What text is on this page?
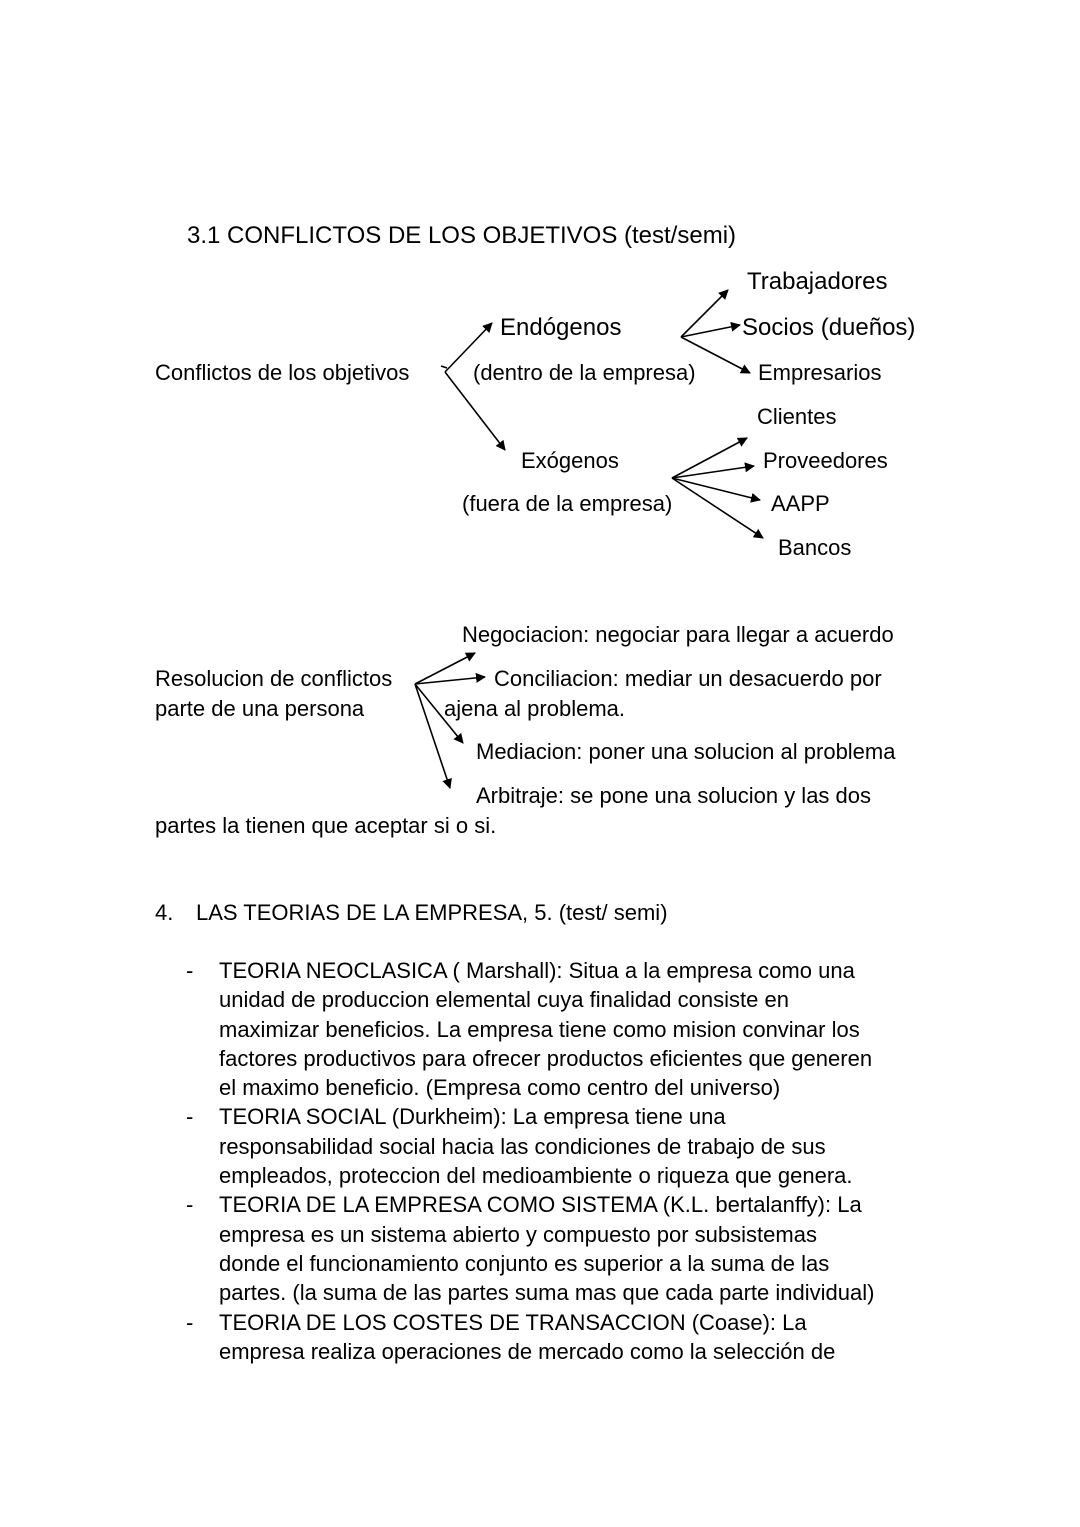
3.1 CONFLICTOS DE LOS OBJETIVOS (test/semi)
Conflictos de los objetivos
Endógenos
(dentro de la empresa)
Trabajadores
Socios (dueños)
Empresarios
Exógenos
(fuera de la empresa)
Clientes
Proveedores
AAPP
Bancos
Negociacion: negociar para llegar a acuerdo
Resolucion de conflictos	Conciliacion: mediar un desacuerdo por
parte de una persona	ajena al problema.
Mediacion: poner una solucion al problema
Arbitraje: se pone una solucion y las dos
partes la tienen que aceptar si o si.
4. LAS TEORIAS DE LA EMPRESA, 5. (test/ semi)
-	TEORIA NEOCLASICA ( Marshall): Situa a la empresa como una
unidad de produccion elemental cuya finalidad consiste en
maximizar beneficios. La empresa tiene como mision convinar los
factores productivos para ofrecer productos eficientes que generen
el maximo beneficio. (Empresa como centro del universo)
-	TEORIA SOCIAL (Durkheim): La empresa tiene una
responsabilidad social hacia las condiciones de trabajo de sus
empleados, proteccion del medioambiente o riqueza que genera.
-	TEORIA DE LA EMPRESA COMO SISTEMA (K.L. bertalanffy): La
empresa es un sistema abierto y compuesto por subsistemas
donde el funcionamiento conjunto es superior a la suma de las
partes. (la suma de las partes suma mas que cada parte individual)
-	TEORIA DE LOS COSTES DE TRANSACCION (Coase): La
empresa realiza operaciones de mercado como la selección de
